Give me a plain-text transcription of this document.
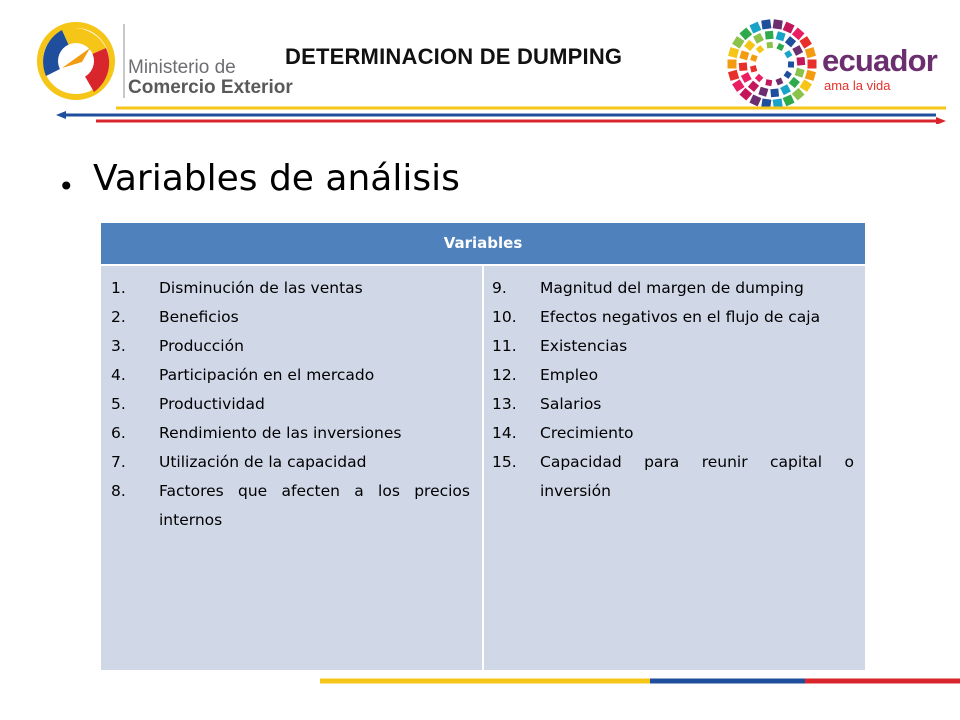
Ministerio de
Comercio Exterior
DETERMINACION DE DUMPING	ecuador
ama la vida
• Variables de análisis
Variables
1.	Disminución de las ventas
2.	Beneficios
3.	Producción
4.	Participación en el mercado
5.	Productividad
6.	Rendimiento de las inversiones
7.	Utilización de la capacidad
8.	Factores que afecten a los precios internos
9.	Magnitud del margen de dumping
10.	Efectos negativos en el flujo de caja
11.	Existencias
12.	Empleo
13.	Salarios
14.	Crecimiento
15.	Capacidad para reunir capital o inversión
